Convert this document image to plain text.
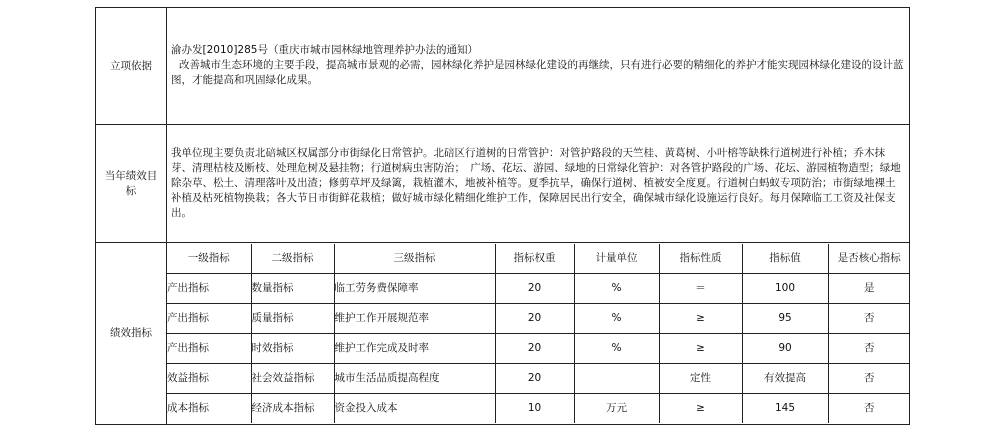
立项依据	

渝办发[2010]285号（重庆市城市园林绿地管理养护办法的通知）

改善城市生态环境的主要手段，提高城市景观的必需，园林绿化养护是园林绿化建设的再继续，只有进行必要的精细化的养护才能实现园林绿化建设的设计蓝图，才能提高和巩固绿化成果。

当年绩效目标	

我单位现主要负责北碚城区权属部分市街绿化日常管护。北碚区行道树的日常管护：对管护路段的天竺桂、黄葛树、小叶榕等缺株行道树进行补植；乔木抹芽、清理枯枝及断枝、处理危树及悬挂物；行道树病虫害防治；　广场、花坛、游园、绿地的日常绿化管护：对各管护路段的广场、花坛、游园植物造型；绿地除杂草、松土、清理落叶及出渣；修剪草坪及绿篱，栽植灌木，地被补植等。夏季抗旱，确保行道树、植被安全度夏。行道树白蚂蚁专项防治；市街绿地裸土补植及枯死植物换栽；各大节日市街鲜花栽植；做好城市绿化精细化维护工作，保障居民出行安全，确保城市绿化设施运行良好。每月保障临工工资及社保支出。

绩效指标	
一级指标	二级指标	三级指标	指标权重	计量单位	指标性质	指标值	是否核心指标
产出指标	数量指标	临工劳务费保障率	20	%	＝	100	是
产出指标	质量指标	维护工作开展规范率	20	%	≥	95	否
产出指标	时效指标	维护工作完成及时率	20	%	≥	90	否
效益指标	社会效益指标	城市生活品质提高程度	20		定性	有效提高	否
成本指标	经济成本指标	资金投入成本	10	万元	≥	145	否
